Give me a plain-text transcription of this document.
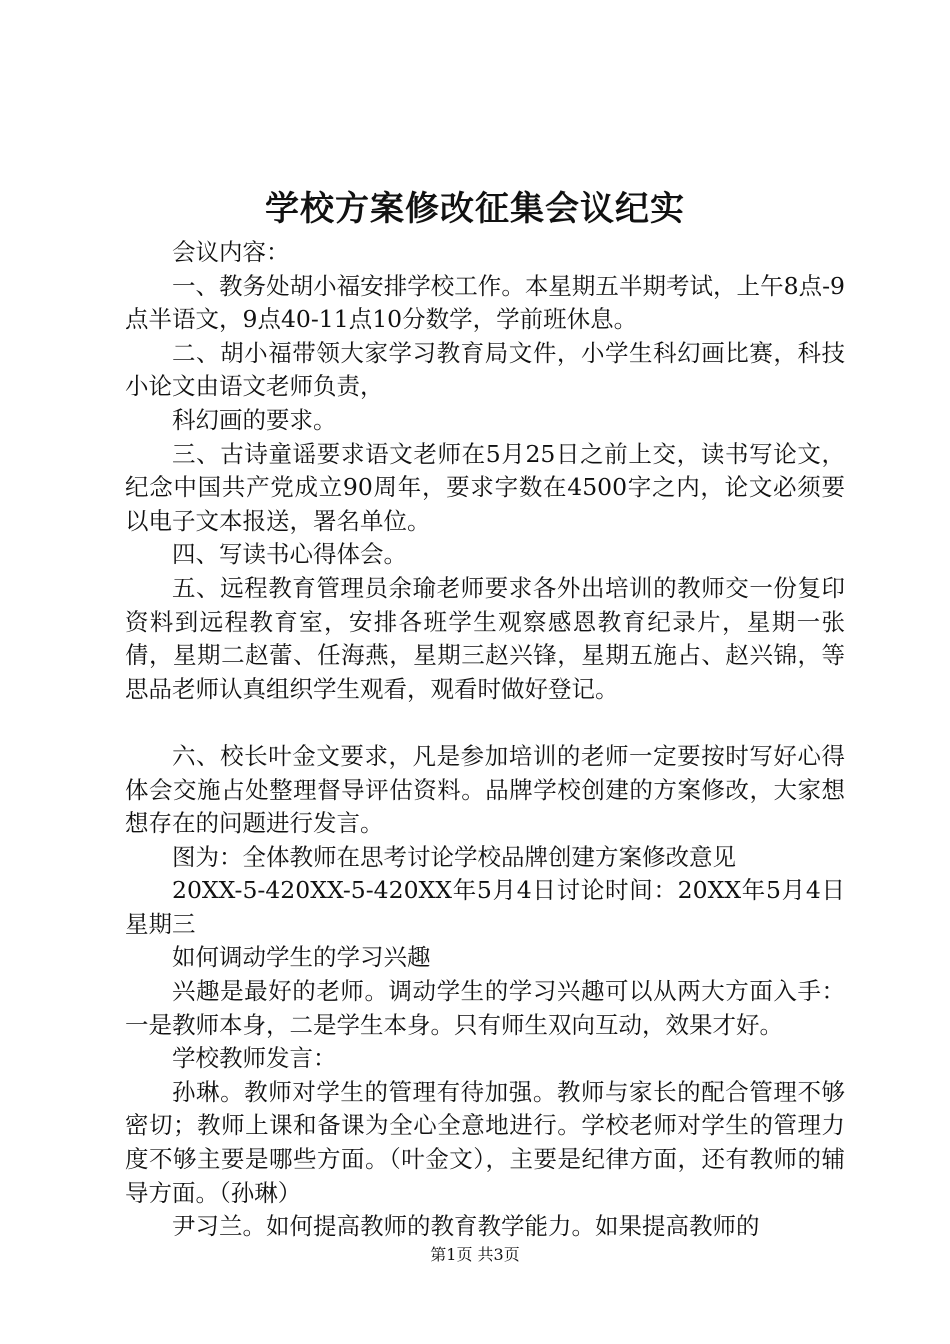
学校方案修改征集会议纪实

会议内容：

一、教务处胡小福安排学校工作。本星期五半期考试，上午8点-9点半语文，9点40-11点10分数学，学前班休息。

二、胡小福带领大家学习教育局文件，小学生科幻画比赛，科技小论文由语文老师负责，

科幻画的要求。

三、古诗童谣要求语文老师在5月25日之前上交，读书写论文，纪念中国共产党成立90周年，要求字数在4500字之内，论文必须要以电子文本报送，署名单位。

四、写读书心得体会。

五、远程教育管理员余瑜老师要求各外出培训的教师交一份复印资料到远程教育室，安排各班学生观察感恩教育纪录片，星期一张倩，星期二赵蕾、任海燕，星期三赵兴锋，星期五施占、赵兴锦，等思品老师认真组织学生观看，观看时做好登记。

六、校长叶金文要求，凡是参加培训的老师一定要按时写好心得体会交施占处整理督导评估资料。品牌学校创建的方案修改，大家想想存在的问题进行发言。

图为：全体教师在思考讨论学校品牌创建方案修改意见

20XX-5-420XX-5-420XX年5月4日讨论时间：20XX年5月4日星期三

如何调动学生的学习兴趣

兴趣是最好的老师。调动学生的学习兴趣可以从两大方面入手：一是教师本身，二是学生本身。只有师生双向互动，效果才好。

学校教师发言：

孙琳。教师对学生的管理有待加强。教师与家长的配合管理不够密切；教师上课和备课为全心全意地进行。学校老师对学生的管理力度不够主要是哪些方面。（叶金文），主要是纪律方面，还有教师的辅导方面。（孙琳）

尹习兰。如何提高教师的教育教学能力。如果提高教师的

第1页 共3页
